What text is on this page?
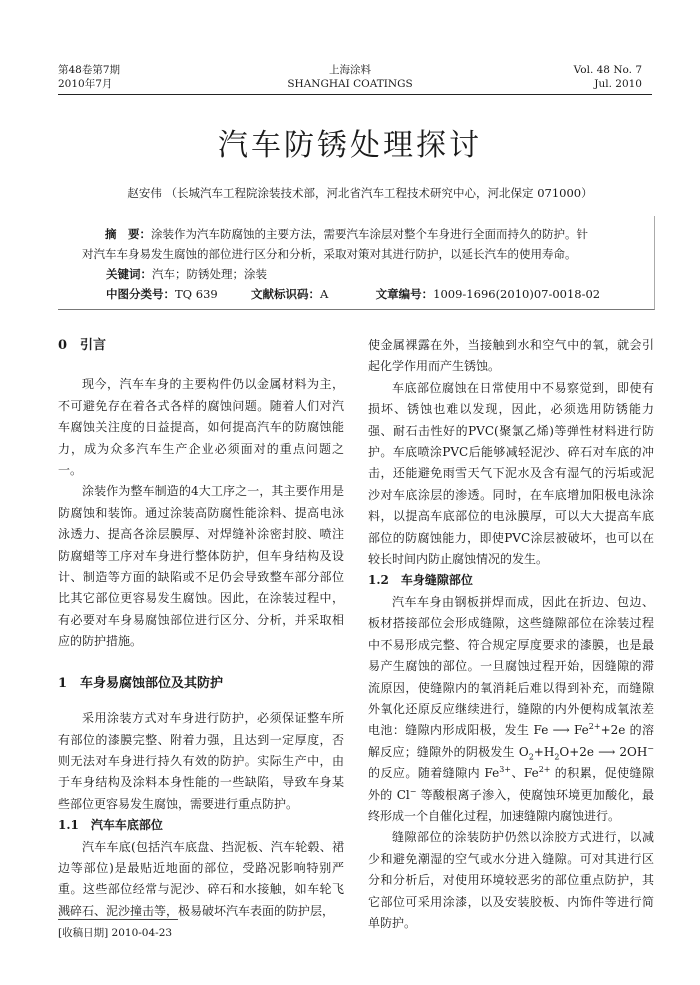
第48卷第7期
2010年7月
上海涂料
SHANGHAI COATINGS
Vol. 48 No. 7
Jul. 2010
汽车防锈处理探讨
赵安伟 （长城汽车工程院涂装技术部，河北省汽车工程技术研究中心，河北保定 071000）
摘　要：涂装作为汽车防腐蚀的主要方法，需要汽车涂层对整个车身进行全面而持久的防护。针
对汽车车身易发生腐蚀的部位进行区分和分析，采取对策对其进行防护，以延长汽车的使用寿命。
关键词：汽车；防锈处理；涂装
中图分类号：TQ 639	文献标识码：A	文章编号：1009-1696(2010)07-0018-02

0　引言

现今，汽车车身的主要构件仍以金属材料为主，不可避免存在着各式各样的腐蚀问题。随着人们对汽车腐蚀关注度的日益提高，如何提高汽车的防腐蚀能力，成为众多汽车生产企业必须面对的重点问题之一。

涂装作为整车制造的4大工序之一，其主要作用是防腐蚀和装饰。通过涂装高防腐性能涂料、提高电泳泳透力、提高各涂层膜厚、对焊缝补涂密封胶、喷注防腐蜡等工序对车身进行整体防护，但车身结构及设计、制造等方面的缺陷或不足仍会导致整车部分部位比其它部位更容易发生腐蚀。因此，在涂装过程中，有必要对车身易腐蚀部位进行区分、分析，并采取相应的防护措施。

1　车身易腐蚀部位及其防护

采用涂装方式对车身进行防护，必须保证整车所有部位的漆膜完整、附着力强，且达到一定厚度，否则无法对车身进行持久有效的防护。实际生产中，由于车身结构及涂料本身性能的一些缺陷，导致车身某些部位更容易发生腐蚀，需要进行重点防护。

1.1　汽车车底部位

汽车车底(包括汽车底盘、挡泥板、汽车轮毂、裙边等部位)是最贴近地面的部位，受路况影响特别严重。这些部位经常与泥沙、碎石和水接触，如车轮飞溅碎石、泥沙撞击等，极易破坏汽车表面的防护层，

使金属裸露在外，当接触到水和空气中的氧，就会引起化学作用而产生锈蚀。

车底部位腐蚀在日常使用中不易察觉到，即使有损坏、锈蚀也难以发现，因此，必须选用防锈能力强、耐石击性好的PVC(聚氯乙烯)等弹性材料进行防护。车底喷涂PVC后能够减轻泥沙、碎石对车底的冲击，还能避免雨雪天气下泥水及含有湿气的污垢或泥沙对车底涂层的渗透。同时，在车底增加阳极电泳涂料，以提高车底部位的电泳膜厚，可以大大提高车底部位的防腐蚀能力，即使PVC涂层被破坏，也可以在较长时间内防止腐蚀情况的发生。

1.2　车身缝隙部位

汽车车身由钢板拼焊而成，因此在折边、包边、板材搭接部位会形成缝隙，这些缝隙部位在涂装过程中不易形成完整、符合规定厚度要求的漆膜，也是最易产生腐蚀的部位。一旦腐蚀过程开始，因缝隙的滞流原因，使缝隙内的氧消耗后难以得到补充，而缝隙外氧化还原反应继续进行，缝隙的内外便构成氧浓差电池：缝隙内形成阳极，发生 Fe ⟶ $Fe^{2+}+2e$ 的溶解反应；缝隙外的阴极发生 $O_2+H_2O+2e$ ⟶ 2OH− 的反应。随着缝隙内 $Fe^{3+}$、$Fe^{2+}$ 的积累，促使缝隙外的 Cl− 等酸根离子渗入，使腐蚀环境更加酸化，最终形成一个自催化过程，加速缝隙内腐蚀进行。

缝隙部位的涂装防护仍然以涂胶方式进行，以减少和避免潮湿的空气或水分进入缝隙。可对其进行区分和分析后，对使用环境较恶劣的部位重点防护，其它部位可采用涂漆，以及安装胶板、内饰件等进行简单防护。

[收稿日期] 2010-04-23
